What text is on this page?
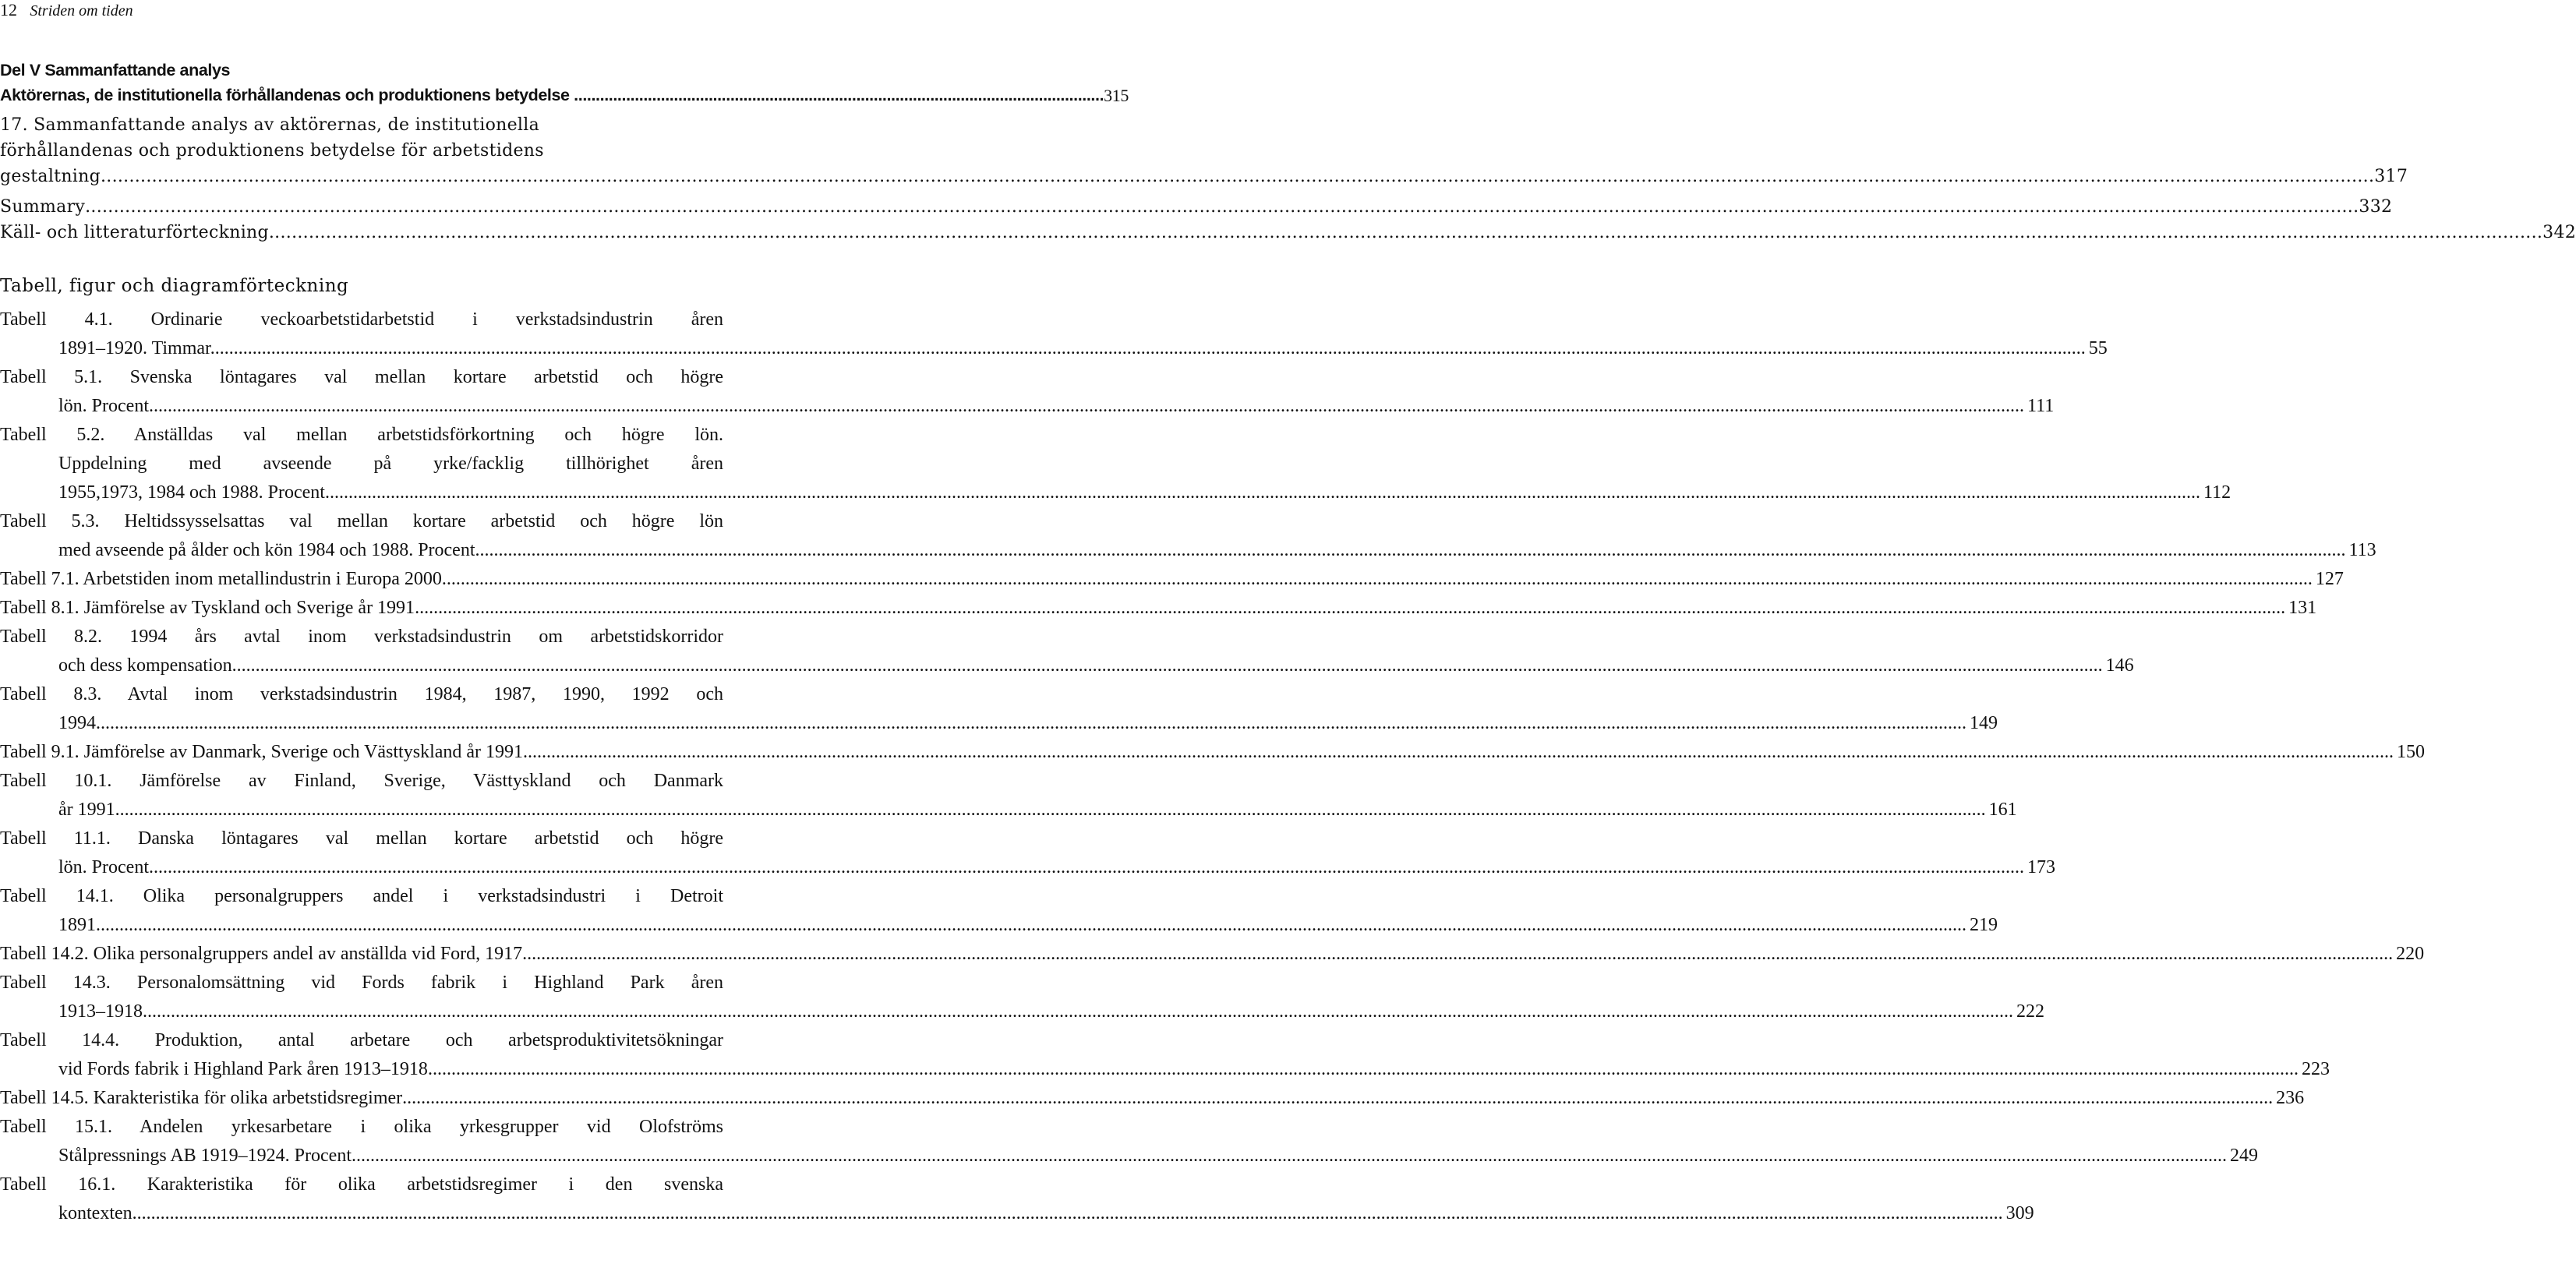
12 Striden om tiden
Del V Sammanfattande analys
Aktörernas, de institutionella förhållandenas och produktionens betydelse .......................................................................................................................... 315
17. Sammanfattande analys av aktörernas, de institutionella
förhållandenas och produktionens betydelse för arbetstidens
gestaltning ................................................................................................................................................................................................................................................................................................................................................................................................................ 317
Summary ................................................................................................................................................................................................................................................................................................................................................................................................................ 332
Käll- och litteraturförteckning ................................................................................................................................................................................................................................................................................................................................................................................................................ 342
Tabell, figur och diagramförteckning
Tabell 4.1. Ordinarie veckoarbetstidarbetstid i verkstadsindustrin åren
1891–1920. Timmar. ................................................................................................................................................................................................................................................................................................................................................................................................................ 55
Tabell 5.1. Svenska löntagares val mellan kortare arbetstid och högre
lön. Procent. ................................................................................................................................................................................................................................................................................................................................................................................................................ 111
Tabell 5.2. Anställdas val mellan arbetstidsförkortning och högre lön.
Uppdelning med avseende på yrke/facklig tillhörighet åren
1955,1973, 1984 och 1988. Procent. ................................................................................................................................................................................................................................................................................................................................................................................................................ 112
Tabell 5.3. Heltidssysselsattas val mellan kortare arbetstid och högre lön
med avseende på ålder och kön 1984 och 1988. Procent ................................................................................................................................................................................................................................................................................................................................................................................................................ 113
Tabell 7.1. Arbetstiden inom metallindustrin i Europa 2000 ................................................................................................................................................................................................................................................................................................................................................................................................................ 127
Tabell 8.1. Jämförelse av Tyskland och Sverige år 1991 ................................................................................................................................................................................................................................................................................................................................................................................................................ 131
Tabell 8.2. 1994 års avtal inom verkstadsindustrin om arbetstidskorridor
och dess kompensation ................................................................................................................................................................................................................................................................................................................................................................................................................ 146
Tabell 8.3. Avtal inom verkstadsindustrin 1984, 1987, 1990, 1992 och
1994 ................................................................................................................................................................................................................................................................................................................................................................................................................ 149
Tabell 9.1. Jämförelse av Danmark, Sverige och Västtyskland år 1991 ................................................................................................................................................................................................................................................................................................................................................................................................................ 150
Tabell 10.1. Jämförelse av Finland, Sverige, Västtyskland och Danmark
år 1991 ................................................................................................................................................................................................................................................................................................................................................................................................................ 161
Tabell 11.1. Danska löntagares val mellan kortare arbetstid och högre
lön. Procent. ................................................................................................................................................................................................................................................................................................................................................................................................................ 173
Tabell 14.1. Olika personalgruppers andel i verkstadsindustri i Detroit
1891 ................................................................................................................................................................................................................................................................................................................................................................................................................ 219
Tabell 14.2. Olika personalgruppers andel av anställda vid Ford, 1917 ................................................................................................................................................................................................................................................................................................................................................................................................................ 220
Tabell 14.3. Personalomsättning vid Fords fabrik i Highland Park åren
1913–1918 ................................................................................................................................................................................................................................................................................................................................................................................................................ 222
Tabell 14.4. Produktion, antal arbetare och arbetsproduktivitetsökningar
vid Fords fabrik i Highland Park åren 1913–1918 ................................................................................................................................................................................................................................................................................................................................................................................................................ 223
Tabell 14.5. Karakteristika för olika arbetstidsregimer ................................................................................................................................................................................................................................................................................................................................................................................................................ 236
Tabell 15.1. Andelen yrkesarbetare i olika yrkesgrupper vid Olofströms
Stålpressnings AB 1919–1924. Procent. ................................................................................................................................................................................................................................................................................................................................................................................................................ 249
Tabell 16.1. Karakteristika för olika arbetstidsregimer i den svenska
kontexten ................................................................................................................................................................................................................................................................................................................................................................................................................ 309
